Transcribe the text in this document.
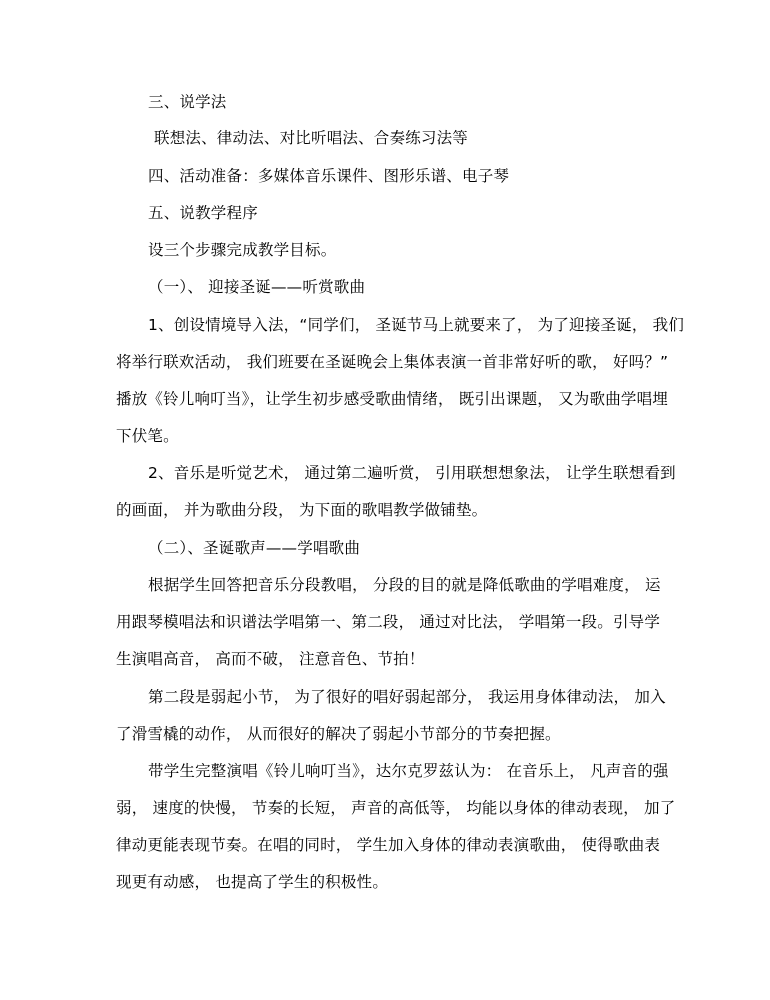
三、说学法
联想法、律动法、对比听唱法、合奏练习法等
四、活动准备：多媒体音乐课件、图形乐谱、电子琴
五、说教学程序
设三个步骤完成教学目标。
（一）、 迎接圣诞——听赏歌曲
1、创设情境导入法，“同学们， 圣诞节马上就要来了， 为了迎接圣诞， 我们
将举行联欢活动， 我们班要在圣诞晚会上集体表演一首非常好听的歌， 好吗？”
播放《铃儿响叮当》，让学生初步感受歌曲情绪， 既引出课题， 又为歌曲学唱埋
下伏笔。
2、音乐是听觉艺术， 通过第二遍听赏， 引用联想想象法， 让学生联想看到
的画面， 并为歌曲分段， 为下面的歌唱教学做铺垫。
（二）、圣诞歌声——学唱歌曲
根据学生回答把音乐分段教唱， 分段的目的就是降低歌曲的学唱难度， 运
用跟琴模唱法和识谱法学唱第一、第二段， 通过对比法， 学唱第一段。引导学
生演唱高音， 高而不破， 注意音色、节拍！
第二段是弱起小节， 为了很好的唱好弱起部分， 我运用身体律动法， 加入
了滑雪橇的动作， 从而很好的解决了弱起小节部分的节奏把握。
带学生完整演唱《铃儿响叮当》，达尔克罗兹认为： 在音乐上， 凡声音的强
弱， 速度的快慢， 节奏的长短， 声音的高低等， 均能以身体的律动表现， 加了
律动更能表现节奏。在唱的同时， 学生加入身体的律动表演歌曲， 使得歌曲表
现更有动感， 也提高了学生的积极性。
